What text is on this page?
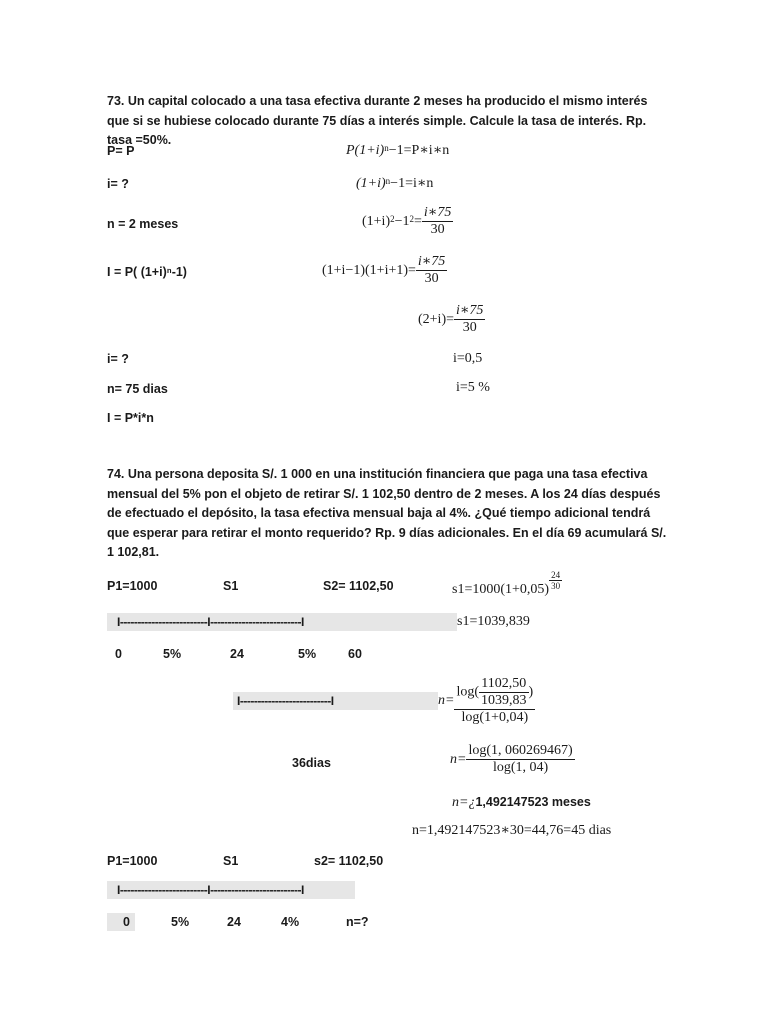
73. Un capital colocado a una tasa efectiva durante 2 meses ha producido el mismo interés que si se hubiese colocado durante 75 días a interés simple. Calcule la tasa de interés. Rp. tasa =50%.
P= P
i= ?
n = 2 meses
I = P( (1+i)ⁿ-1)
i= ?
n= 75 dias
I = P*i*n
$P(1+i)^n-1=P∗i∗n$
$(1+i)^n-1=i∗n$
$(1+i)^2-1^2= \frac{i∗75}{30}$
$(1+i-1)(1+i+1)= \frac{i∗75}{30}$
$(2+i)= \frac{i∗75}{30}$
i=0,5
i=5 %
74. Una persona deposita S/. 1 000 en una institución financiera que paga una tasa efectiva mensual del 5% pon el objeto de retirar S/. 1 102,50 dentro de 2 meses. A los 24 días después de efectuado el depósito, la tasa efectiva mensual baja al 4%. ¿Qué tiempo adicional tendrá que esperar para retirar el monto requerido? Rp. 9 días adicionales. En el día 69 acumulará S/. 1 102,81.
P1=1000	S1	S2= 1102,50	$s1=1000(1+0,05) \frac{24}{30}$
I-------------------------I--------------------------I	s1=1039,839
0	5%	24	5%	60
I--------------------------I	$n= \frac{\log( \frac{1102,50}{1039,83} )}{\log(1+0,04)}$
36dias	$n= \frac{\log(1, 060269467)}{\log(1, 04)}$
n=¿1,492147523 meses
n=1,492147523∗30=44,76=45 dias
P1=1000	S1	s2= 1102,50
I-------------------------I--------------------------I
0	5%	24	4%	n=?
